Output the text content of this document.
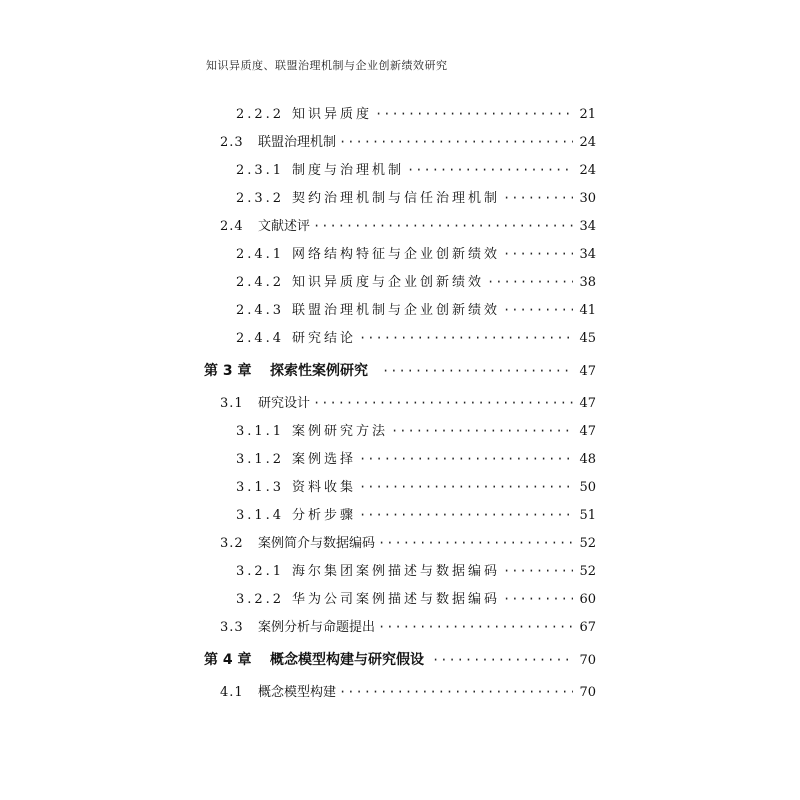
知识异质度、联盟治理机制与企业创新绩效研究
2.2.2 知识异质度 ·····	21
2.3	联盟治理机制 ·····	24
2.3.1 制度与治理机制 ·····	24
2.3.2 契约治理机制与信任治理机制 ·····	30
2.4	文献述评 ·····	34
2.4.1 网络结构特征与企业创新绩效 ·····	34
2.4.2 知识异质度与企业创新绩效 ·····	38
2.4.3 联盟治理机制与企业创新绩效 ·····	41
2.4.4 研究结论 ·····	45
第 3 章	探索性案例研究 ·····	47
3.1	研究设计 ·····	47
3.1.1 案例研究方法 ·····	47
3.1.2 案例选择 ·····	48
3.1.3 资料收集 ·····	50
3.1.4 分析步骤 ·····	51
3.2	案例简介与数据编码 ·····	52
3.2.1 海尔集团案例描述与数据编码 ·····	52
3.2.2 华为公司案例描述与数据编码 ·····	60
3.3	案例分析与命题提出 ·····	67
第 4 章	概念模型构建与研究假设 ·····	70
4.1	概念模型构建 ·····	70
